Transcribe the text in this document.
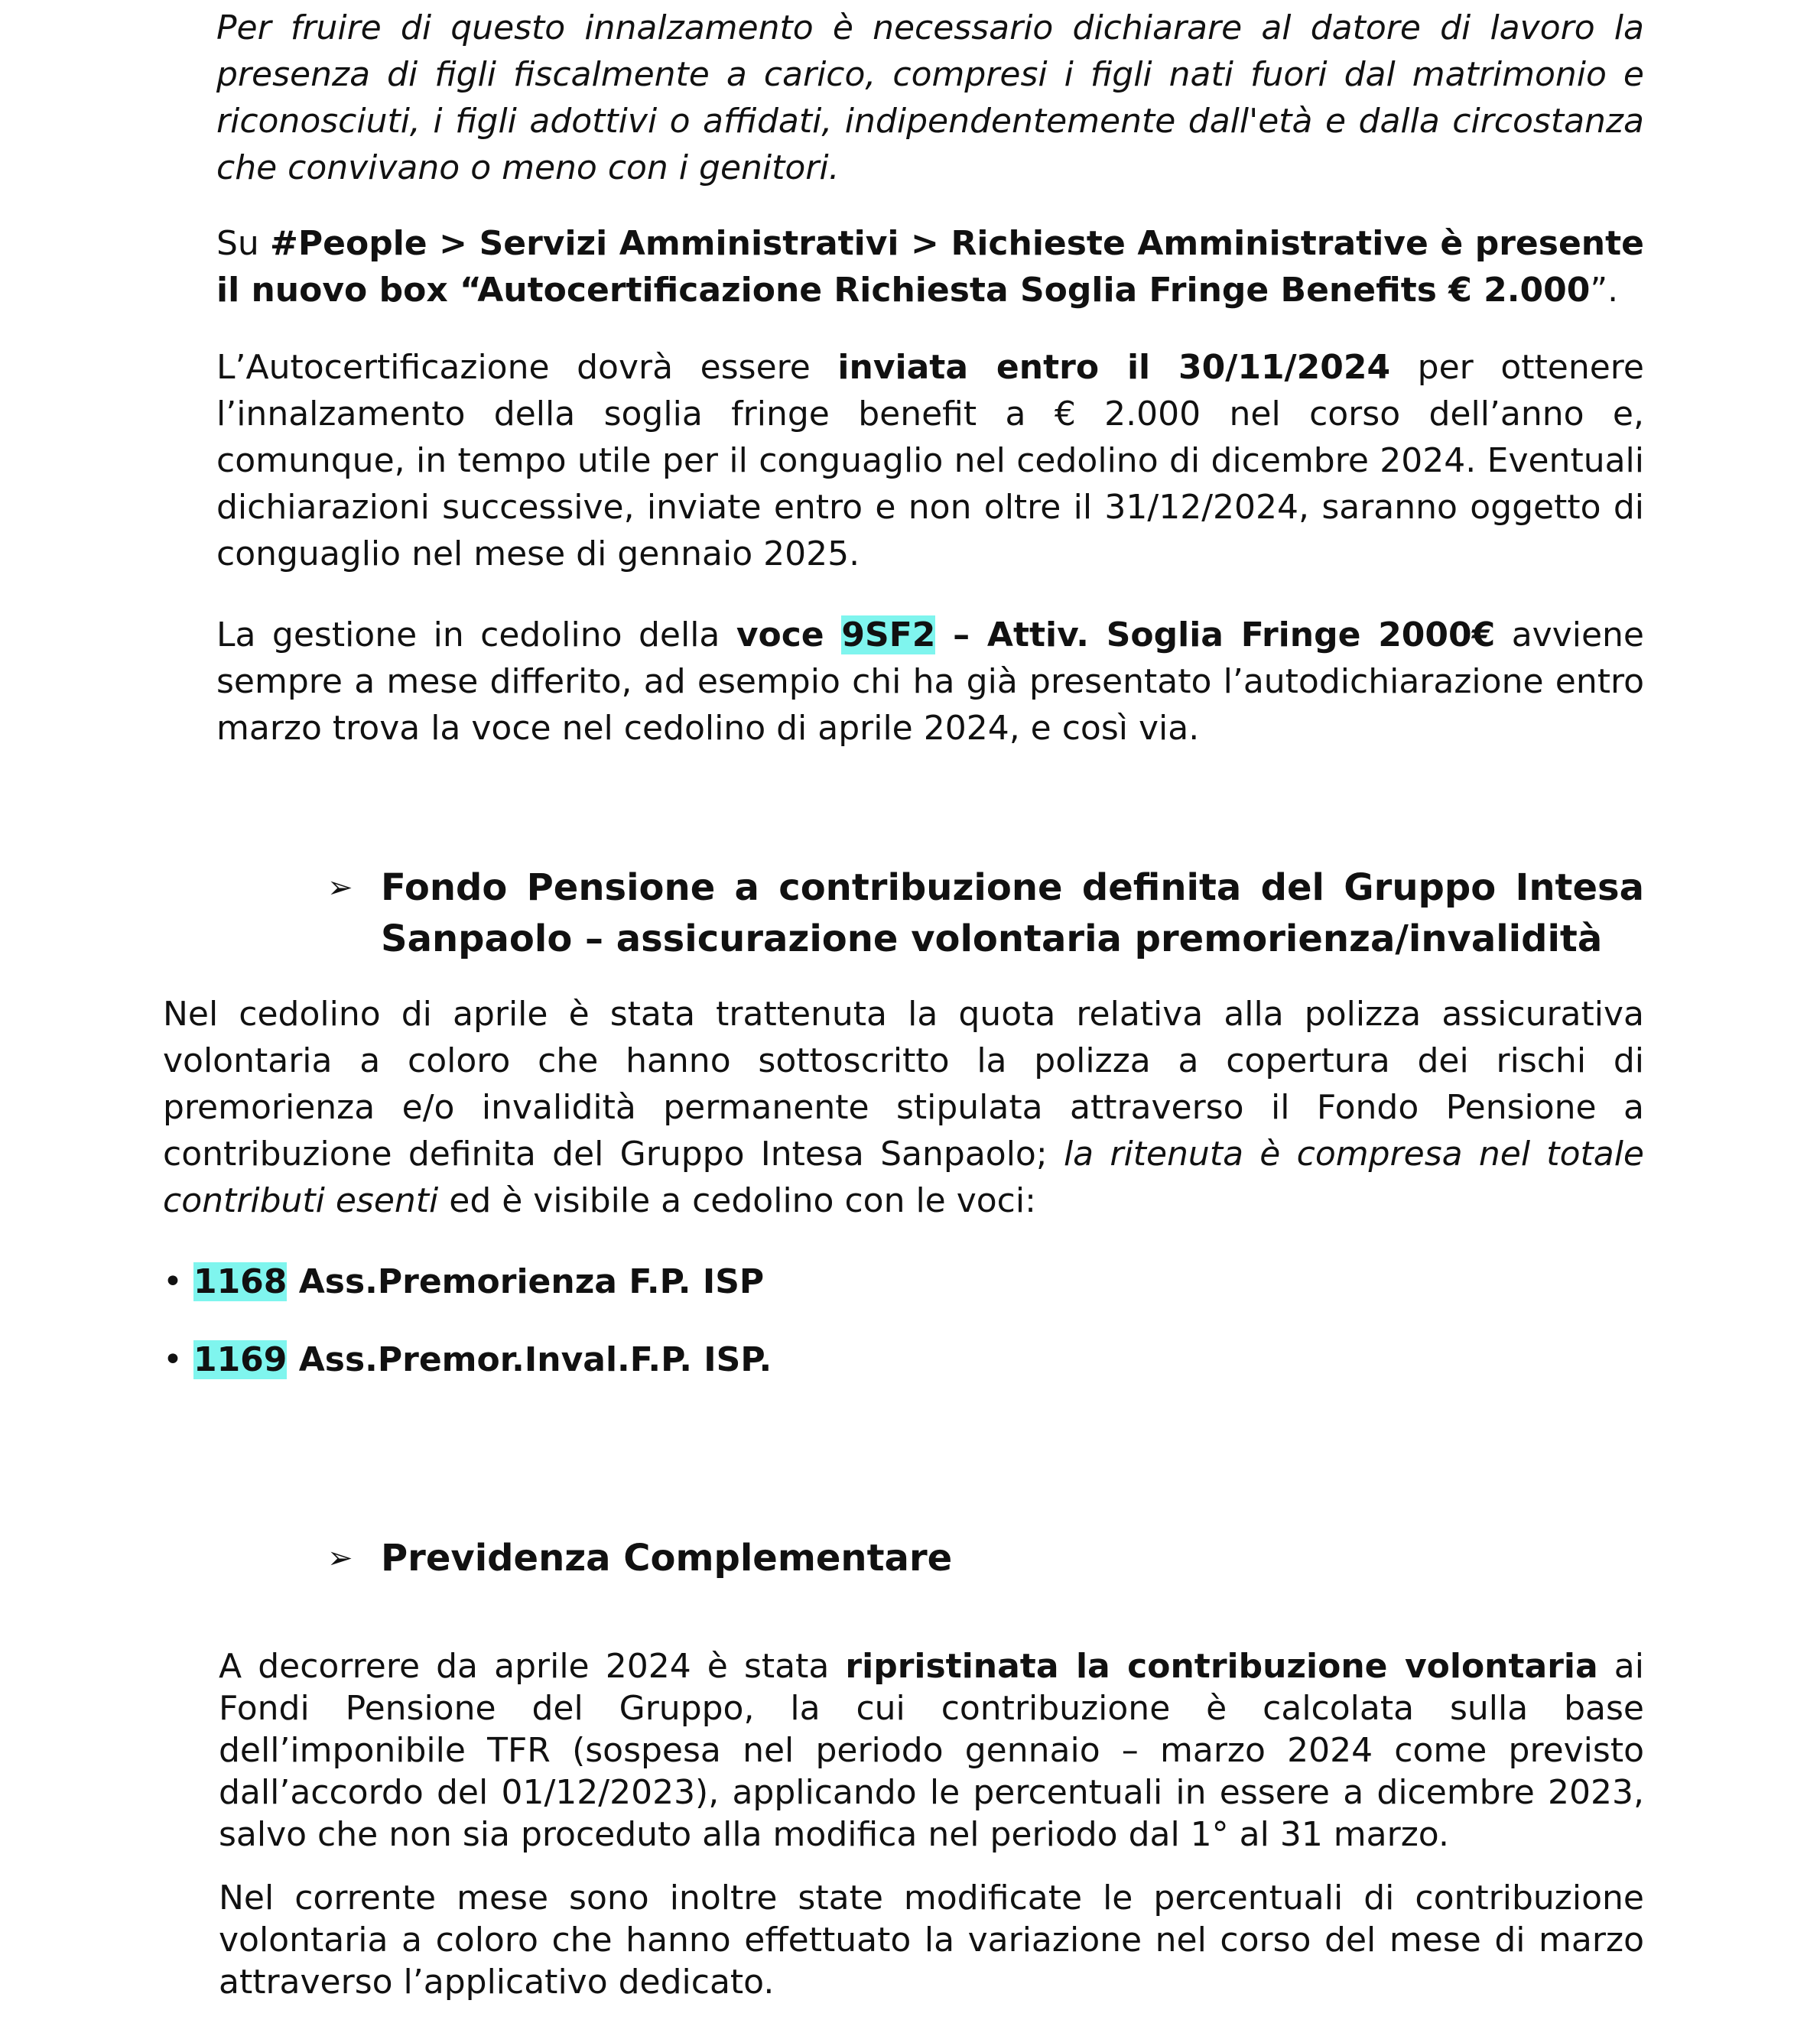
Per fruire di questo innalzamento è necessario dichiarare al datore di lavoro la presenza di figli fiscalmente a carico, compresi i figli nati fuori dal matrimonio e riconosciuti, i figli adottivi o affidati, indipendentemente dall'età e dalla circostanza che convivano o meno con i genitori.

Su #People > Servizi Amministrativi > Richieste Amministrative è presente il nuovo box “Autocertificazione Richiesta Soglia Fringe Benefits € 2.000”.

L’Autocertificazione dovrà essere inviata entro il 30/11/2024 per ottenere l’innalzamento della soglia fringe benefit a € 2.000 nel corso dell’anno e, comunque, in tempo utile per il conguaglio nel cedolino di dicembre 2024. Eventuali dichiarazioni successive, inviate entro e non oltre il 31/12/2024, saranno oggetto di conguaglio nel mese di gennaio 2025.

La gestione in cedolino della voce 9SF2 – Attiv. Soglia Fringe 2000€ avviene sempre a mese differito, ad esempio chi ha già presentato l’autodichiarazione entro marzo trova la voce nel cedolino di aprile 2024, e così via.

➢ Fondo Pensione a contribuzione definita del Gruppo Intesa Sanpaolo – assicurazione volontaria premorienza/invalidità

Nel cedolino di aprile è stata trattenuta la quota relativa alla polizza assicurativa volontaria a coloro che hanno sottoscritto la polizza a copertura dei rischi di premorienza e/o invalidità permanente stipulata attraverso il Fondo Pensione a contribuzione definita del Gruppo Intesa Sanpaolo; la ritenuta è compresa nel totale contributi esenti ed è visibile a cedolino con le voci:

• 1168 Ass.Premorienza F.P. ISP
• 1169 Ass.Premor.Inval.F.P. ISP.
➢ Previdenza Complementare

A decorrere da aprile 2024 è stata ripristinata la contribuzione volontaria ai Fondi Pensione del Gruppo, la cui contribuzione è calcolata sulla base dell’imponibile TFR (sospesa nel periodo gennaio – marzo 2024 come previsto dall’accordo del 01/12/2023), applicando le percentuali in essere a dicembre 2023, salvo che non sia proceduto alla modifica nel periodo dal 1° al 31 marzo.

Nel corrente mese sono inoltre state modificate le percentuali di contribuzione volontaria a coloro che hanno effettuato la variazione nel corso del mese di marzo attraverso l’applicativo dedicato.
